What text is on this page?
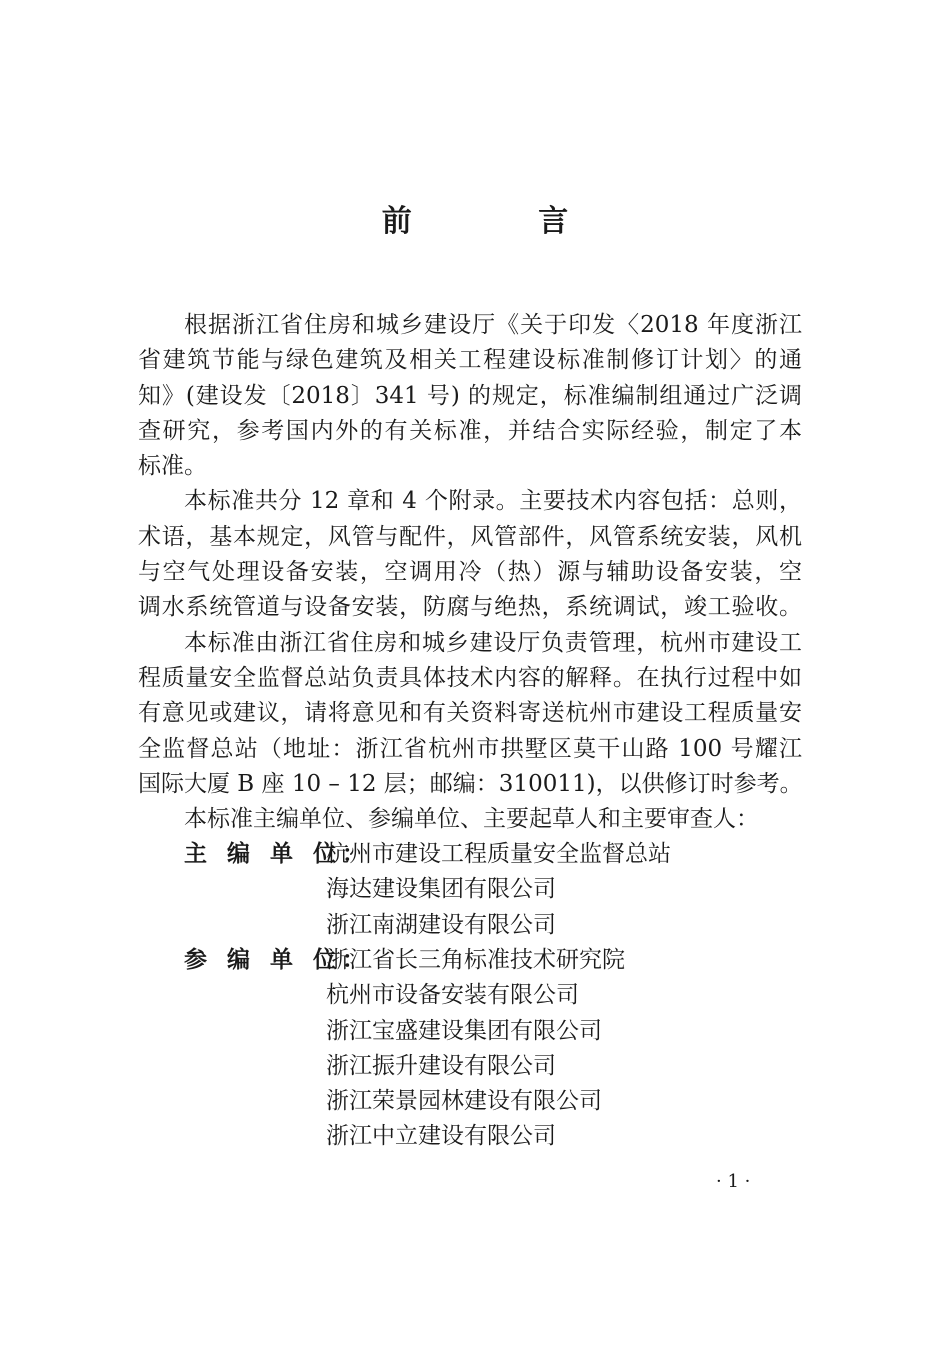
前 言
根据浙江省住房和城乡建设厅《关于印发〈2018 年度浙江
省建筑节能与绿色建筑及相关工程建设标准制修订计划〉的通
知》(建设发〔2018〕341 号) 的规定，标准编制组通过广泛调
查研究，参考国内外的有关标准，并结合实际经验，制定了本
标准。
本标准共分 12 章和 4 个附录。主要技术内容包括：总则，
术语，基本规定，风管与配件，风管部件，风管系统安装，风机
与空气处理设备安装，空调用冷（热）源与辅助设备安装，空
调水系统管道与设备安装，防腐与绝热，系统调试，竣工验收。
本标准由浙江省住房和城乡建设厅负责管理，杭州市建设工
程质量安全监督总站负责具体技术内容的解释。在执行过程中如
有意见或建议，请将意见和有关资料寄送杭州市建设工程质量安
全监督总站（地址：浙江省杭州市拱墅区莫干山路 100 号耀江
国际大厦 B 座 10 – 12 层；邮编：310011)，以供修订时参考。
本标准主编单位、参编单位、主要起草人和主要审查人：
主 编 单 位：
杭州市建设工程质量安全监督总站
海达建设集团有限公司
浙江南湖建设有限公司
参 编 单 位：
浙江省长三角标准技术研究院
杭州市设备安装有限公司
浙江宝盛建设集团有限公司
浙江振升建设有限公司
浙江荣景园林建设有限公司
浙江中立建设有限公司
· 1 ·
